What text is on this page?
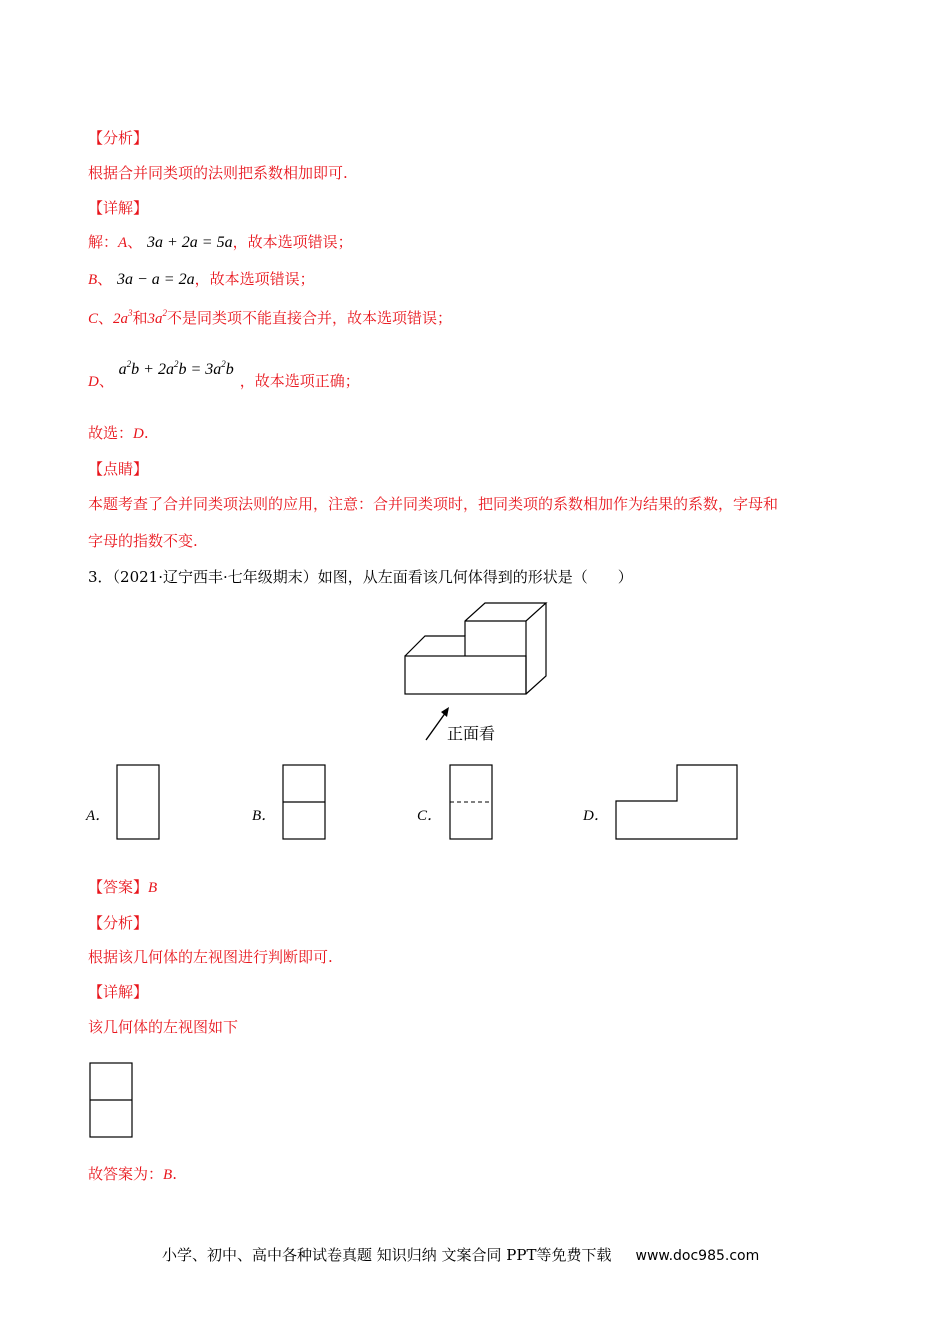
【分析】
根据合并同类项的法则把系数相加即可.
【详解】
解：A、 3a + 2a = 5a，故本选项错误；
B、 3a − a = 2a，故本选项错误；
C、$2a^3$和$3a^2$不是同类项不能直接合并，故本选项错误；
D、 $a^2b + 2a^2b = 3a^2b$，故本选项正确；
故选：D.
【点睛】
本题考查了合并同类项法则的应用，注意：合并同类项时，把同类项的系数相加作为结果的系数，字母和
字母的指数不变.
3．（2021·辽宁西丰·七年级期末）如图，从左面看该几何体得到的形状是（　　）
正面看
A．	B．	C．	D．
【答案】B
【分析】
根据该几何体的左视图进行判断即可.
【详解】
该几何体的左视图如下
故答案为：B.
小学、初中、高中各种试卷真题 知识归纳 文案合同 PPT等免费下载 www.doc985.com
